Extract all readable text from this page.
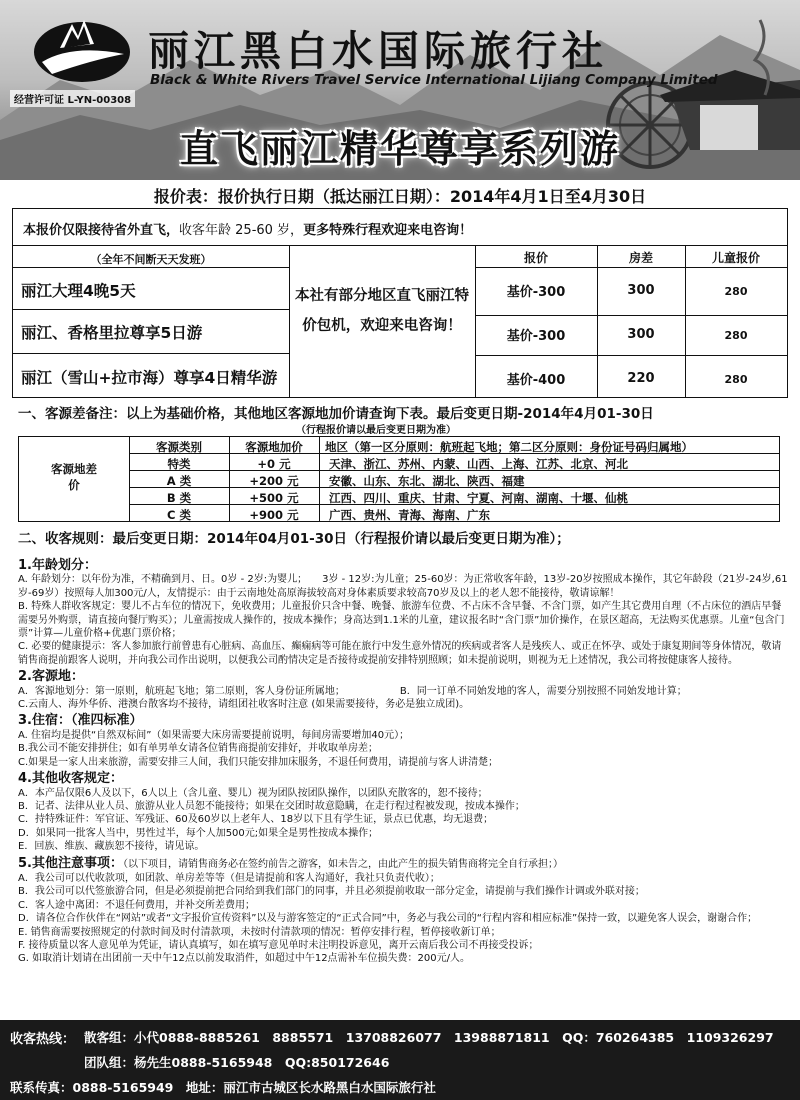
丽江黑白水国际旅行社
Black & White Rivers Travel Service International Lijiang Company Limited
经营许可证 L-YN-00308
直飞丽江精华尊享系列游
报价表：报价执行日期（抵达丽江日期）：2014年4月1日至4月30日
本报价仅限接待省外直飞，收客年龄 25-60 岁，更多特殊行程欢迎来电咨询！
（全年不间断天天发班）	报价	房差	儿童报价
丽江大理4晚5天
丽江、香格里拉尊享5日游
丽江（雪山+拉市海）尊享4日精华游
本社有部分地区直飞丽江特价包机，欢迎来电咨询！
基价-300	300	280
基价-300	300	280
基价-400	220	280
一、客源差备注：以上为基础价格，其他地区客源地加价请查询下表。最后变更日期-2014年4月01-30日
（行程报价请以最后变更日期为准）
客源地差价
客源类别	客源地加价	地区（第一区分原则：航班起飞地；第二区分原则：身份证号码归属地）
特类	+0 元	天津、浙江、苏州、内蒙、山西、上海、江苏、北京、河北
A 类	+200 元	安徽、山东、东北、湖北、陕西、福建
B 类	+500 元	江西、四川、重庆、甘肃、宁夏、河南、湖南、十堰、仙桃
C 类	+900 元	广西、贵州、青海、海南、广东
二、收客规则：最后变更日期：2014年04月01-30日（行程报价请以最后变更日期为准）；
1.年龄划分：

A. 年龄划分：以年份为准，不精确到月、日。0岁 - 2岁:为婴儿；　　3岁 - 12岁:为儿童；25-60岁：为正常收客年龄，13岁-20岁按照成本操作，其它年龄段（21岁-24岁,61岁-69岁）按照每人加300元/人，友情提示：由于云南地处高原海拔较高对身体素质要求较高70岁及以上的老人恕不能接待，敬请谅解！

B. 特殊人群收客规定：婴儿不占车位的情况下，免收费用；儿童报价只含中餐、晚餐、旅游车位费、不占床不含早餐、不含门票，如产生其它费用自理（不占床位的酒店早餐需要另外购票，请直接向餐厅购买）；儿童需按成人操作的，按成本操作；身高达到1.1米的儿童，建议报名时“含门票”加价操作，在景区超高，无法购买优惠票。儿童“包含门票”计算—儿童价格+优惠门票价格；

C. 必要的健康提示：客人参加旅行前曾患有心脏病、高血压、癫痫病等可能在旅行中发生意外情况的疾病或者客人是残疾人、或正在怀孕、或处于康复期间等身体情况，敬请销售商提前跟客人说明，并向我公司作出说明，以便我公司酌情决定是否接待或提前安排特别照顾；如未提前说明，则视为无上述情况，我公司将按健康客人接待。

2.客源地：

A．客源地划分：第一原则，航班起飞地；第二原则，客人身份证所属地；　　　　　　B．同一订单不同始发地的客人，需要分别按照不同始发地计算；

C.云南人、海外华侨、港澳台散客均不接待，请组团社收客时注意 (如果需要接待，务必是独立成团)。

3.住宿：（准四标准）

A. 住宿均是提供“自然双标间”（如果需要大床房需要提前说明，每间房需要增加40元）；

B.我公司不能安排拼住；如有单男单女请各位销售商提前安排好，并收取单房差；

C.如果是一家人出来旅游，需要安排三人间，我们只能安排加床服务，不退任何费用，请提前与客人讲清楚；

4.其他收客规定：

A．本产品仅限6人及以下，6人以上（含儿童、婴儿）视为团队按团队操作，以团队充散客的，恕不接待；

B．记者、法律从业人员、旅游从业人员恕不能接待；如果在交团时故意隐瞒，在走行程过程被发现，按成本操作；

C．持特殊证件：军官证、军残证、60及60岁以上老年人、18岁以下且有学生证，景点已优惠，均无退费；

D．如果同一批客人当中，男性过半，每个人加500元;如果全是男性按成本操作；

E．回族、维族、藏族恕不接待，请见谅。

5.其他注意事项：（以下项目，请销售商务必在签约前告之游客，如未告之，由此产生的损失销售商将完全自行承担；）

A．我公司可以代收款项，如团款、单房差等等（但是请提前和客人沟通好，我社只负责代收）；

B．我公司可以代签旅游合同，但是必须提前把合同给到我们部门的同事，并且必须提前收取一部分定金，请提前与我们操作计调或外联对接；

C．客人途中离团：不退任何费用，并补交所差费用；

D．请各位合作伙伴在“网站”或者“文字报价宣传资料”以及与游客签定的“正式合同”中，务必与我公司的“行程内容和相应标准”保持一致，以避免客人误会，谢谢合作；

E. 销售商需要按照规定的付款时间及时付清款项，未按时付清款项的情况：暂停安排行程，暂停接收新订单；

F. 接待质量以客人意见单为凭证，请认真填写，如在填写意见单时未注明投诉意见，离开云南后我公司不再接受投诉；

G. 如取消计划请在出团前一天中午12点以前发取消件，如超过中午12点需补车位损失费：200元/人。

收客热线： 散客组：小代0888-8885261　8885571　13708826077　13988871811　QQ：760264385　1109326297
团队组：杨先生0888-5165948　QQ:850172646
联系传真：0888-5165949　地址：丽江市古城区长水路黑白水国际旅行社
